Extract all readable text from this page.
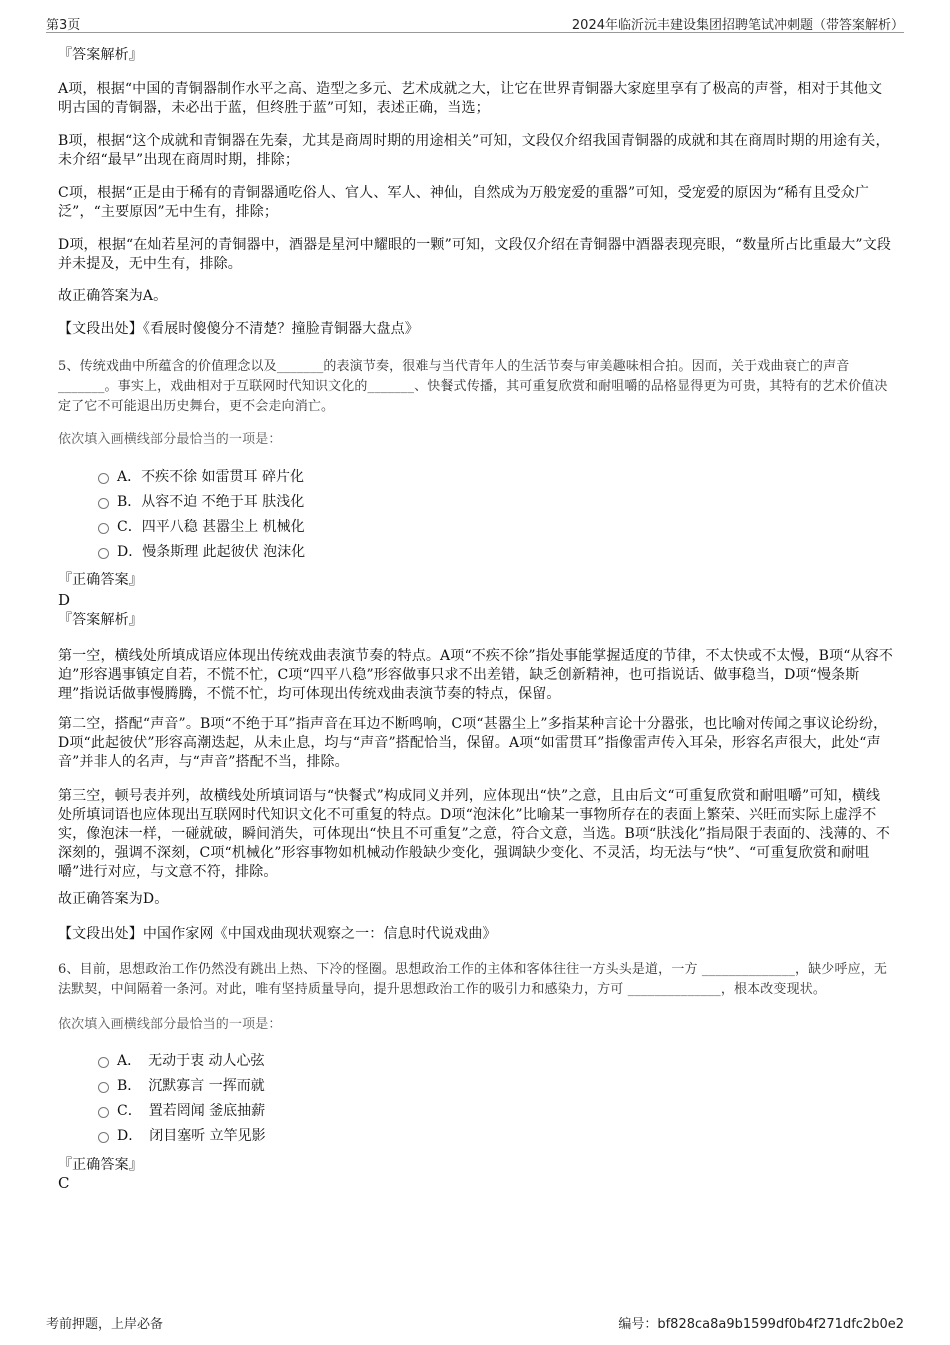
第3页	2024年临沂沅丰建设集团招聘笔试冲刺题（带答案解析）
『答案解析』
A项，根据“中国的青铜器制作水平之高、造型之多元、艺术成就之大，让它在世界青铜器大家庭里享有了极高的声誉，相对于其他文明古国的青铜器，未必出于蓝，但终胜于蓝”可知，表述正确，当选；
B项，根据“这个成就和青铜器在先秦，尤其是商周时期的用途相关”可知，文段仅介绍我国青铜器的成就和其在商周时期的用途有关，未介绍“最早”出现在商周时期，排除；
C项，根据“正是由于稀有的青铜器通吃俗人、官人、军人、神仙，自然成为万般宠爱的重器”可知，受宠爱的原因为“稀有且受众广泛”，“主要原因”无中生有，排除；
D项，根据“在灿若星河的青铜器中，酒器是星河中耀眼的一颗”可知，文段仅介绍在青铜器中酒器表现亮眼，“数量所占比重最大”文段并未提及，无中生有，排除。
故正确答案为A。
【文段出处】《看展时傻傻分不清楚？撞脸青铜器大盘点》
5、传统戏曲中所蕴含的价值理念以及_______的表演节奏，很难与当代青年人的生活节奏与审美趣味相合拍。因而，关于戏曲衰亡的声音_______。事实上，戏曲相对于互联网时代知识文化的_______、快餐式传播，其可重复欣赏和耐咀嚼的品格显得更为可贵，其特有的艺术价值决定了它不可能退出历史舞台，更不会走向消亡。
依次填入画横线部分最恰当的一项是：
A．不疾不徐 如雷贯耳 碎片化
B．从容不迫 不绝于耳 肤浅化
C．四平八稳 甚嚣尘上 机械化
D．慢条斯理 此起彼伏 泡沫化
『正确答案』
D
『答案解析』
第一空，横线处所填成语应体现出传统戏曲表演节奏的特点。A项“不疾不徐”指处事能掌握适度的节律，不太快或不太慢，B项“从容不迫”形容遇事镇定自若，不慌不忙，C项“四平八稳”形容做事只求不出差错，缺乏创新精神，也可指说话、做事稳当，D项“慢条斯理”指说话做事慢腾腾，不慌不忙，均可体现出传统戏曲表演节奏的特点，保留。
第二空，搭配“声音”。B项“不绝于耳”指声音在耳边不断鸣响，C项“甚嚣尘上”多指某种言论十分嚣张，也比喻对传闻之事议论纷纷，D项“此起彼伏”形容高潮迭起，从未止息，均与“声音”搭配恰当，保留。A项“如雷贯耳”指像雷声传入耳朵，形容名声很大，此处“声音”并非人的名声，与“声音”搭配不当，排除。
第三空，顿号表并列，故横线处所填词语与“快餐式”构成同义并列，应体现出“快”之意，且由后文“可重复欣赏和耐咀嚼”可知，横线处所填词语也应体现出互联网时代知识文化不可重复的特点。D项“泡沫化”比喻某一事物所存在的表面上繁荣、兴旺而实际上虚浮不实，像泡沫一样，一碰就破，瞬间消失，可体现出“快且不可重复”之意，符合文意，当选。B项“肤浅化”指局限于表面的、浅薄的、不深刻的，强调不深刻，C项“机械化”形容事物如机械动作般缺少变化，强调缺少变化、不灵活，均无法与“快”、“可重复欣赏和耐咀嚼”进行对应，与文意不符，排除。
故正确答案为D。
【文段出处】中国作家网《中国戏曲现状观察之一：信息时代说戏曲》
6、目前，思想政治工作仍然没有跳出上热、下冷的怪圈。思想政治工作的主体和客体往往一方头头是道，一方 ______________，缺少呼应，无法默契，中间隔着一条河。对此，唯有坚持质量导向，提升思想政治工作的吸引力和感染力，方可 ______________，根本改变现状。
依次填入画横线部分最恰当的一项是：
A．　无动于衷 动人心弦
B．　沉默寡言 一挥而就
C．　置若罔闻 釜底抽薪
D．　闭目塞听 立竿见影
『正确答案』
C
考前押题，上岸必备	编号：bf828ca8a9b1599df0b4f271dfc2b0e2
